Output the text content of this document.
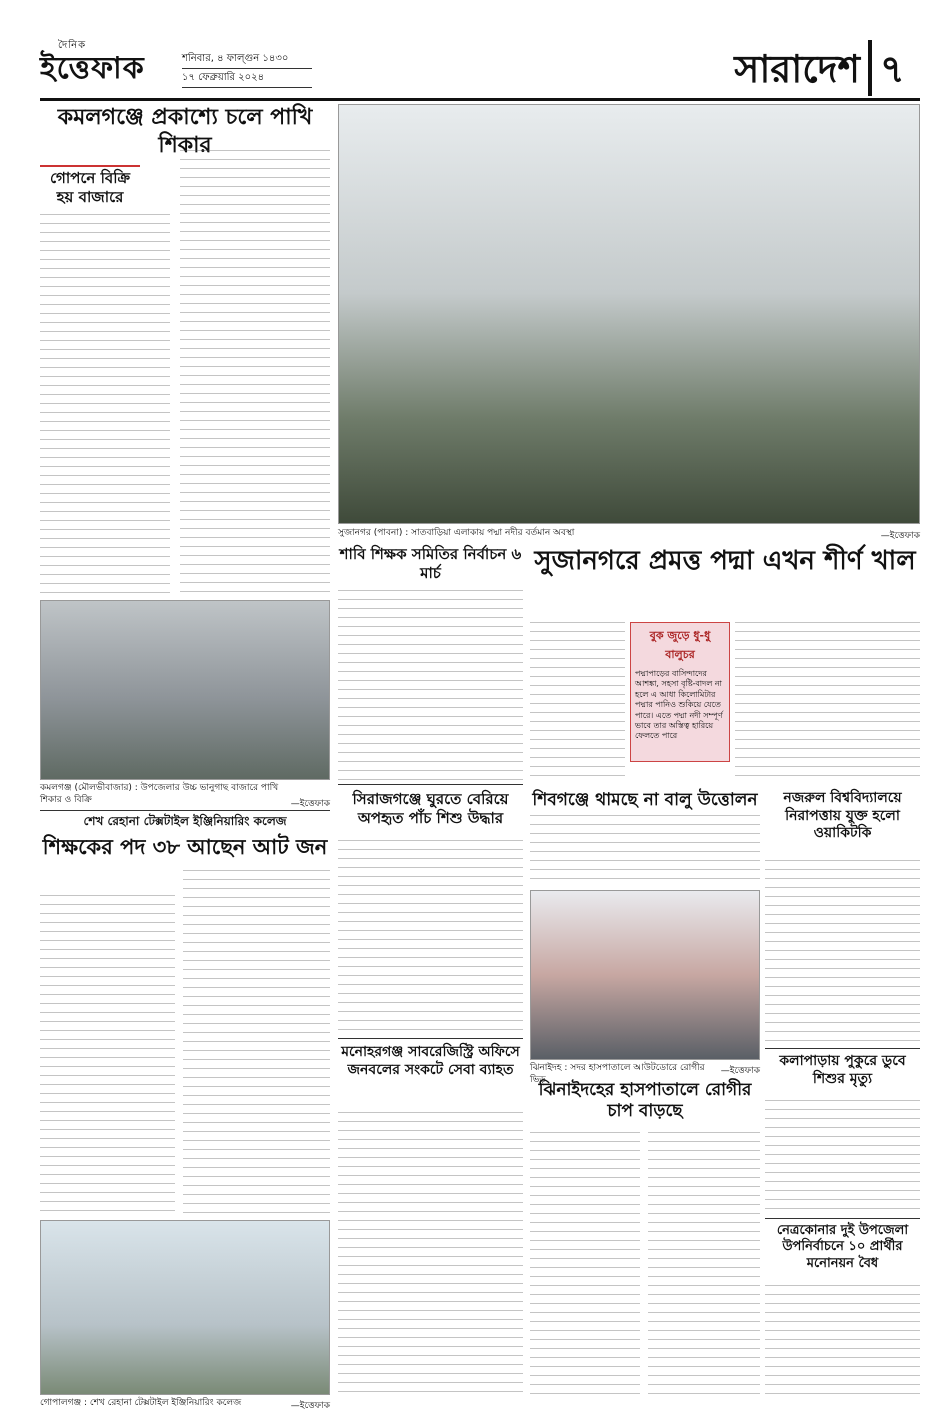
দৈনিক
ইত্তেফাক	শনিবার, ৪ ফাল্গুন ১৪৩০
১৭ ফেব্রুয়ারি ২০২৪	সারাদেশ ৭
কমলগঞ্জে প্রকাশ্যে চলে পাখি শিকার
গোপনে বিক্রি হয় বাজারে
কমলগঞ্জ (মৌলভীবাজার) : উপজেলার উচ্চ ভানুগাছ বাজারে পাখি শিকার ও বিক্রি	—ইত্তেফাক
শেখ রেহানা টেক্সটাইল ইঞ্জিনিয়ারিং কলেজ
শিক্ষকের পদ ৩৮ আছেন আট জন
গোপালগঞ্জ : শেখ রেহানা টেক্সটাইল ইঞ্জিনিয়ারিং কলেজ	—ইত্তেফাক
সুজানগর (পাবনা) : সাতবাড়িয়া এলাকায় পদ্মা নদীর বর্তমান অবস্থা	—ইত্তেফাক
শাবি শিক্ষক সমিতির নির্বাচন ৬ মার্চ
সিরাজগঞ্জে ঘুরতে বেরিয়ে অপহৃত পাঁচ শিশু উদ্ধার
মনোহরগঞ্জ সাবরেজিস্ট্রি অফিসে জনবলের সংকটে সেবা ব্যাহত
সুজানগরে প্রমত্ত পদ্মা এখন শীর্ণ খাল
বুক জুড়ে ধু-ধু বালুচর
পদ্মাপাড়ের বাসিন্দাদের আশঙ্কা, সহসা বৃষ্টি-বাদল না হলে এ আধা কিলোমিটার পদ্মার পানিও শুকিয়ে যেতে পারে। এতে পদ্মা নদী সম্পূর্ণ ভাবে তার অস্তিত্ব হারিয়ে ফেলতে পারে
শিবগঞ্জে থামছে না বালু উত্তোলন	নজরুল বিশ্ববিদ্যালয়ে নিরাপত্তায় যুক্ত হলো ওয়াকিটকি
কলাপাড়ায় পুকুরে ডুবে শিশুর মৃত্যু
নেত্রকোনার দুই উপজেলা উপনির্বাচনে ১০ প্রার্থীর মনোনয়ন বৈধ
ঝিনাইদহ : সদর হাসপাতালে আউটডোরে রোগীর ভিড়
—ইত্তেফাক
ঝিনাইদহের হাসপাতালে রোগীর চাপ বাড়ছে
